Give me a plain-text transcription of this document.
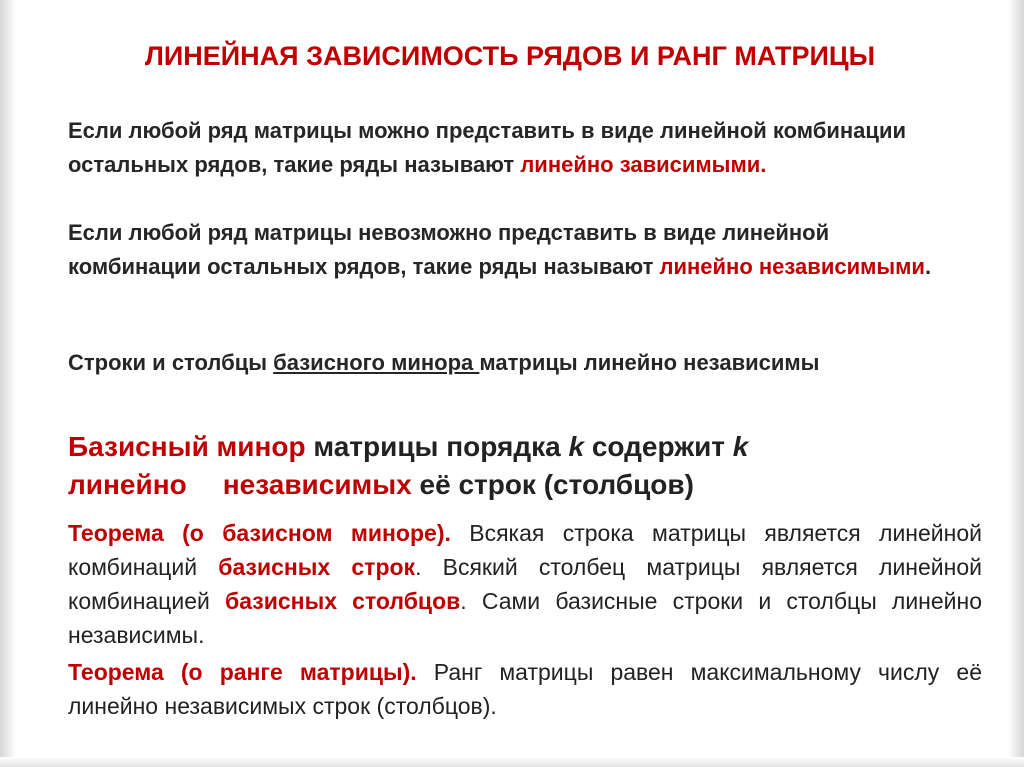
ЛИНЕЙНАЯ ЗАВИСИМОСТЬ РЯДОВ И РАНГ МАТРИЦЫ
Если любой ряд матрицы можно представить в виде линейной комбинации остальных рядов, такие ряды называют линейно зависимыми.
Если любой ряд матрицы невозможно представить в виде линейной комбинации остальных рядов, такие ряды называют линейно независимыми.
Строки и столбцы базисного минора матрицы линейно независимы
Базисный минор матрицы порядка k содержит k
линейно независимых её строк (столбцов)
Теорема (о базисном миноре). Всякая строка матрицы является линейной комбинаций базисных строк. Всякий столбец матрицы является линейной комбинацией базисных столбцов. Сами базисные строки и столбцы линейно независимы.
Теорема (о ранге матрицы). Ранг матрицы равен максимальному числу её линейно независимых строк (столбцов).
